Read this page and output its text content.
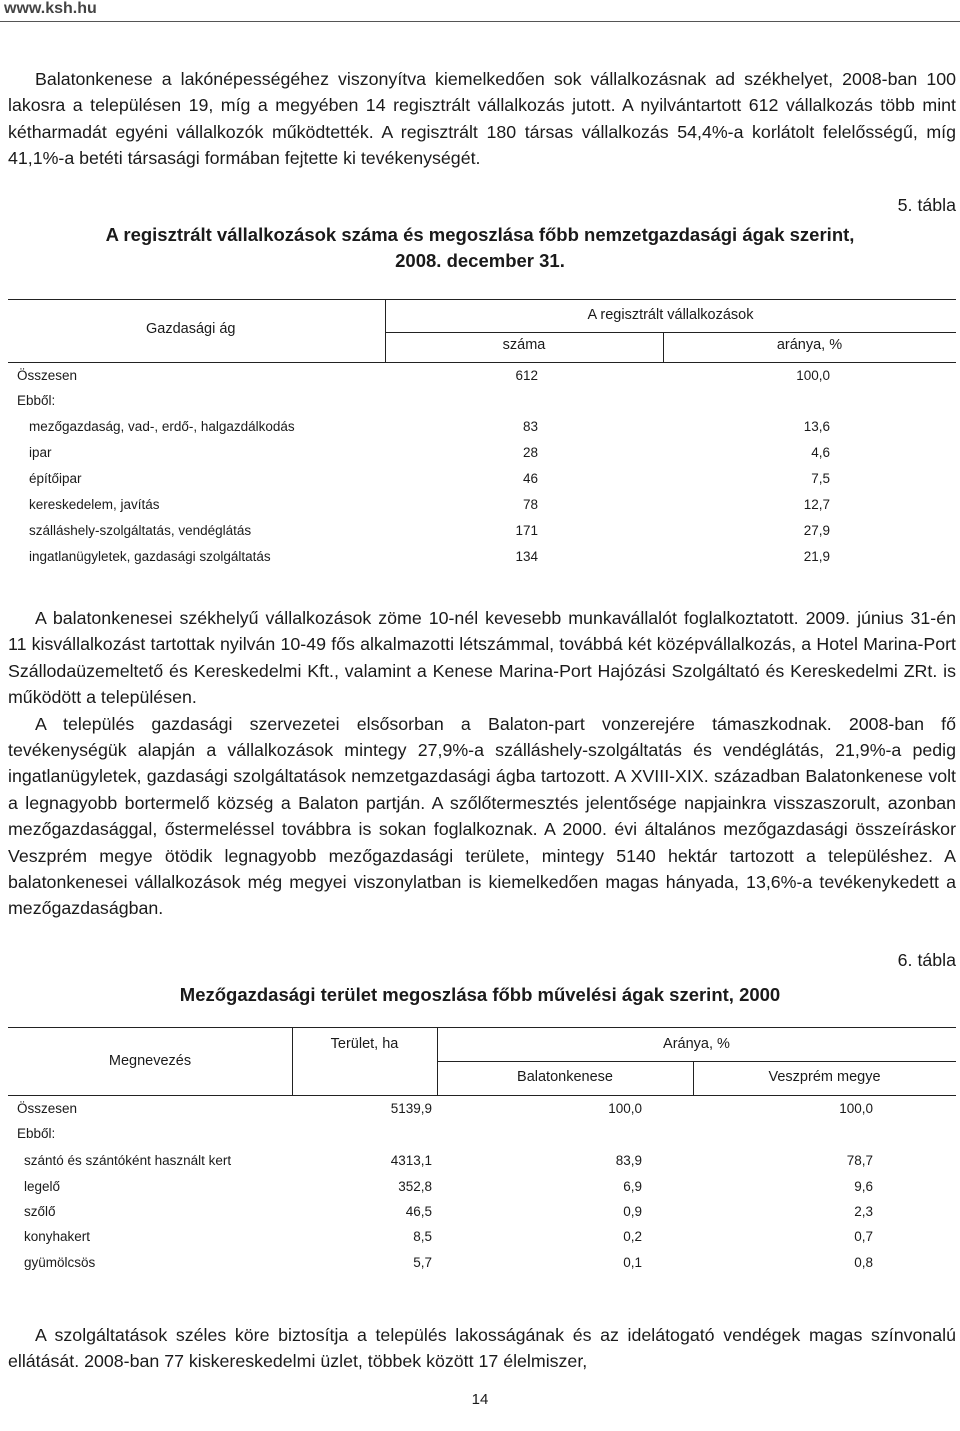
www.ksh.hu

Balatonkenese a lakónépességéhez viszonyítva kiemelkedően sok vállalkozásnak ad székhelyet, 2008-ban 100 lakosra a településen 19, míg a megyében 14 regisztrált vállalkozás jutott. A nyilvántartott 612 vállalkozás több mint kétharmadát egyéni vállalkozók működtették. A regisztrált 180 társas vállalkozás 54,4%-a korlátolt felelősségű, míg 41,1%-a betéti társasági formában fejtette ki tevékenységét.

5. tábla
A regisztrált vállalkozások száma és megoszlása főbb nemzetgazdasági ágak szerint,
2008. december 31.
Gazdasági ág
A regisztrált vállalkozások
száma	aránya, %
Összesen	612	100,0
Ebből:
mezőgazdaság, vad-, erdő-, halgazdálkodás	83	13,6
ipar	28	4,6
építőipar	46	7,5
kereskedelem, javítás	78	12,7
szálláshely-szolgáltatás, vendéglátás	171	27,9
ingatlanügyletek, gazdasági szolgáltatás	134	21,9

A balatonkenesei székhelyű vállalkozások zöme 10-nél kevesebb munkavállalót foglalkoztatott. 2009. június 31-én 11 kisvállalkozást tartottak nyilván 10-49 fős alkalmazotti létszámmal, továbbá két középvállalkozás, a Hotel Marina-Port Szállodaüzemeltető és Kereskedelmi Kft., valamint a Kenese Marina-Port Hajózási Szolgáltató és Kereskedelmi ZRt. is működött a településen.

A település gazdasági szervezetei elsősorban a Balaton-part vonzerejére támaszkodnak. 2008-ban fő tevékenységük alapján a vállalkozások mintegy 27,9%-a szálláshely-szolgáltatás és vendéglátás, 21,9%-a pedig ingatlanügyletek, gazdasági szolgáltatások nemzetgazdasági ágba tartozott. A XVIII-XIX. században Balatonkenese volt a legnagyobb bortermelő község a Balaton partján. A szőlőtermesztés jelentősége napjainkra visszaszorult, azonban mezőgazdasággal, őstermeléssel továbbra is sokan foglalkoznak. A 2000. évi általános mezőgazdasági összeíráskor Veszprém megye ötödik legnagyobb mezőgazdasági területe, mintegy 5140 hektár tartozott a településhez. A balatonkenesei vállalkozások még megyei viszonylatban is kiemelkedően magas hányada, 13,6%-a tevékenykedett a mezőgazdaságban.

6. tábla
Mezőgazdasági terület megoszlása főbb művelési ágak szerint, 2000
Megnevezés
Terület, ha	Aránya, %
Balatonkenese	Veszprém megye
Összesen	5139,9	100,0	100,0
Ebből:
szántó és szántóként használt kert	4313,1	83,9	78,7
legelő	352,8	6,9	9,6
szőlő	46,5	0,9	2,3
konyhakert	8,5	0,2	0,7
gyümölcsös	5,7	0,1	0,8

A szolgáltatások széles köre biztosítja a település lakosságának és az idelátogató vendégek magas színvonalú ellátását. 2008-ban 77 kiskereskedelmi üzlet, többek között 17 élelmiszer,

14
